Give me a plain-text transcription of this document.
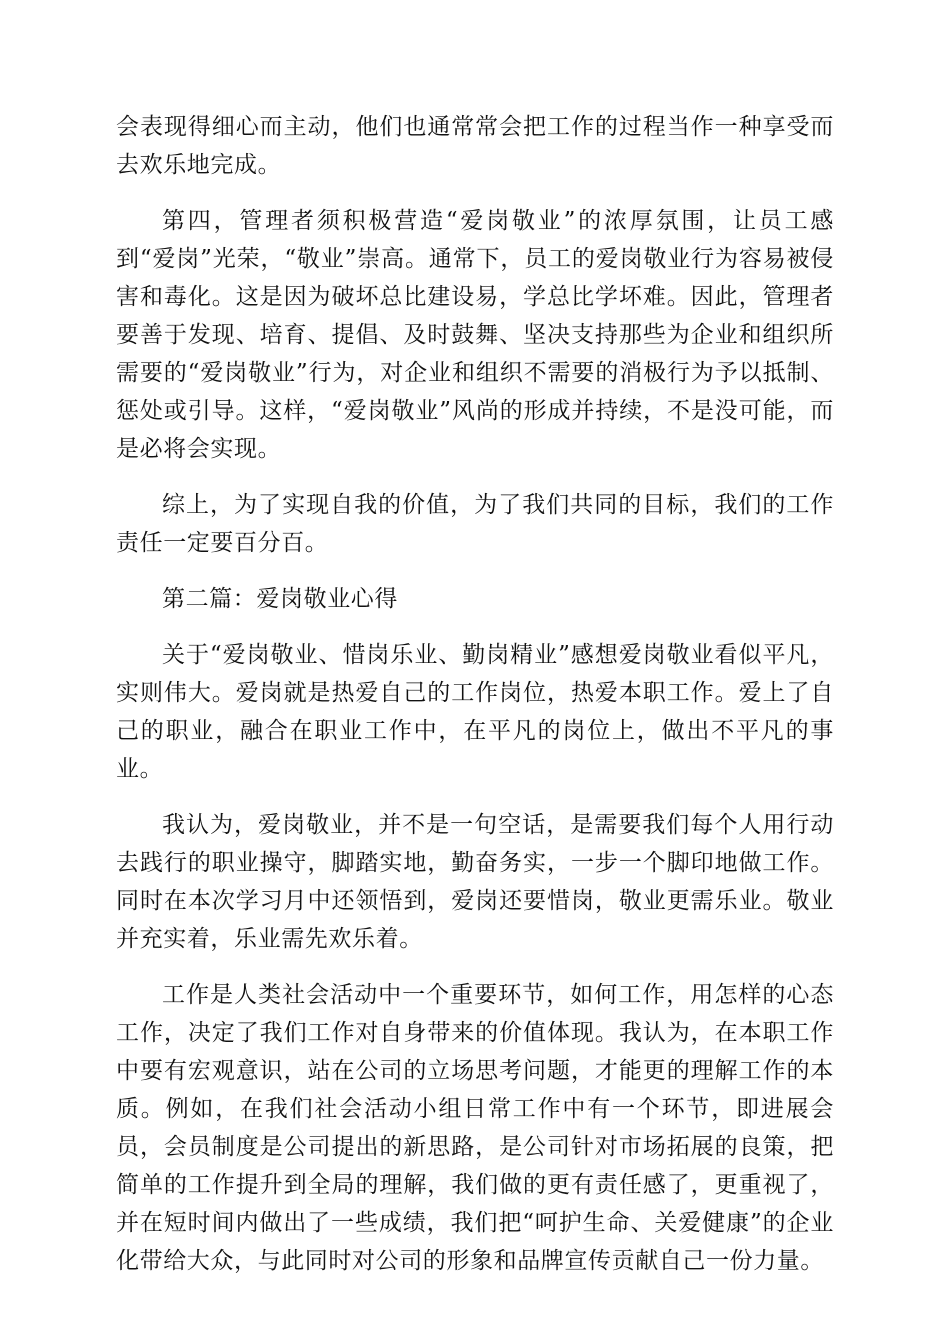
会表现得细心而主动，他们也通常常会把工作的过程当作一种享受而去欢乐地完成。

第四，管理者须积极营造“爱岗敬业”的浓厚氛围，让员工感到“爱岗”光荣，“敬业”崇高。通常下，员工的爱岗敬业行为容易被侵害和毒化。这是因为破坏总比建设易，学总比学坏难。因此，管理者要善于发现、培育、提倡、及时鼓舞、坚决支持那些为企业和组织所需要的“爱岗敬业”行为，对企业和组织不需要的消极行为予以抵制、惩处或引导。这样，“爱岗敬业”风尚的形成并持续，不是没可能，而是必将会实现。

综上，为了实现自我的价值，为了我们共同的目标，我们的工作责任一定要百分百。

第二篇：爱岗敬业心得

关于“爱岗敬业、惜岗乐业、勤岗精业”感想爱岗敬业看似平凡，实则伟大。爱岗就是热爱自己的工作岗位，热爱本职工作。爱上了自己的职业，融合在职业工作中，在平凡的岗位上，做出不平凡的事业。

我认为，爱岗敬业，并不是一句空话，是需要我们每个人用行动去践行的职业操守，脚踏实地，勤奋务实，一步一个脚印地做工作。同时在本次学习月中还领悟到，爱岗还要惜岗，敬业更需乐业。敬业并充实着，乐业需先欢乐着。

工作是人类社会活动中一个重要环节，如何工作，用怎样的心态工作，决定了我们工作对自身带来的价值体现。我认为，在本职工作中要有宏观意识，站在公司的立场思考问题，才能更的理解工作的本质。例如，在我们社会活动小组日常工作中有一个环节，即进展会员，会员制度是公司提出的新思路，是公司针对市场拓展的良策，把简单的工作提升到全局的理解，我们做的更有责任感了，更重视了，并在短时间内做出了一些成绩，我们把“呵护生命、关爱健康”的企业化带给大众，与此同时对公司的形象和品牌宣传贡献自己一份力量。
